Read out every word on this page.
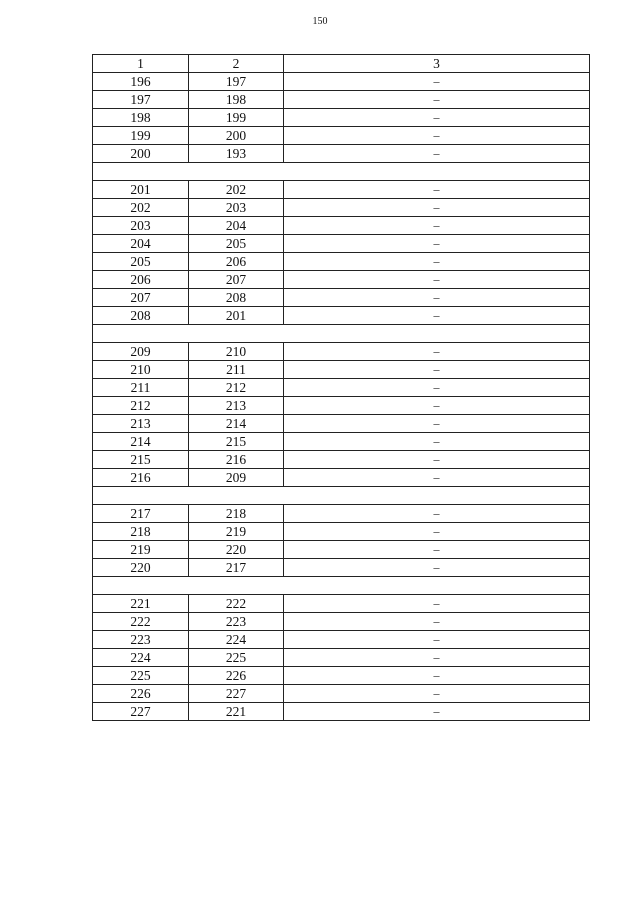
150
1	2	3
196	197	–
197	198	–
198	199	–
199	200	–
200	193	–

201	202	–
202	203	–
203	204	–
204	205	–
205	206	–
206	207	–
207	208	–
208	201	–

209	210	–
210	211	–
211	212	–
212	213	–
213	214	–
214	215	–
215	216	–
216	209	–

217	218	–
218	219	–
219	220	–
220	217	–

221	222	–
222	223	–
223	224	–
224	225	–
225	226	–
226	227	–
227	221	–
